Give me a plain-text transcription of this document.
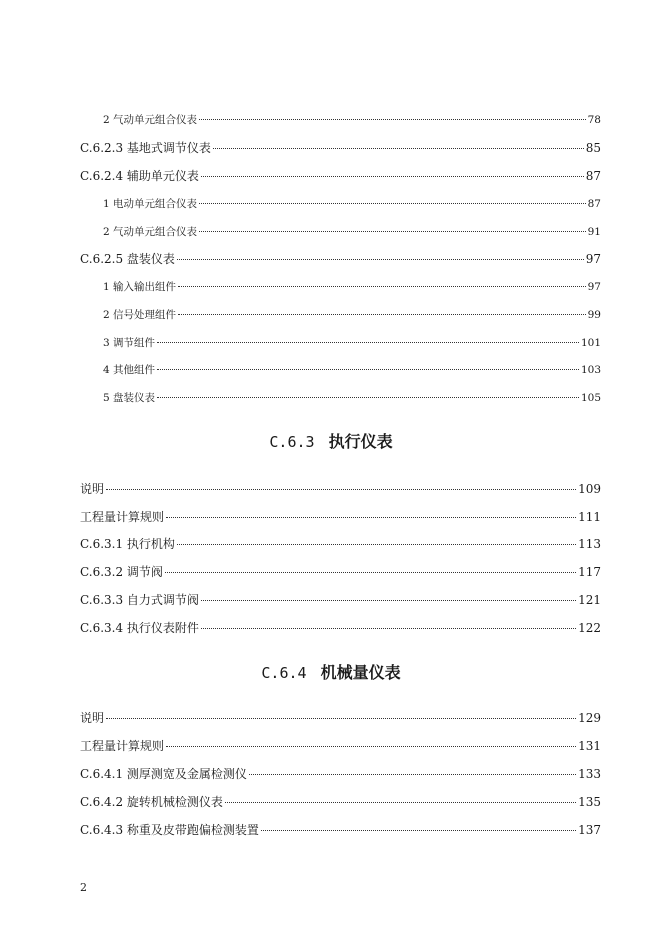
2 气动单元组合仪表	78
C.6.2.3 基地式调节仪表	85
C.6.2.4 辅助单元仪表	87
1 电动单元组合仪表	87
2 气动单元组合仪表	91
C.6.2.5 盘装仪表	97
1 输入输出组件	97
2 信号处理组件	99
3 调节组件	101
4 其他组件	103
5 盘装仪表	105
C.6.3 执行仪表
说明	109
工程量计算规则	111
C.6.3.1 执行机构	113
C.6.3.2 调节阀	117
C.6.3.3 自力式调节阀	121
C.6.3.4 执行仪表附件	122
C.6.4 机械量仪表
说明	129
工程量计算规则	131
C.6.4.1 测厚测宽及金属检测仪	133
C.6.4.2 旋转机械检测仪表	135
C.6.4.3 称重及皮带跑偏检测装置	137
2
